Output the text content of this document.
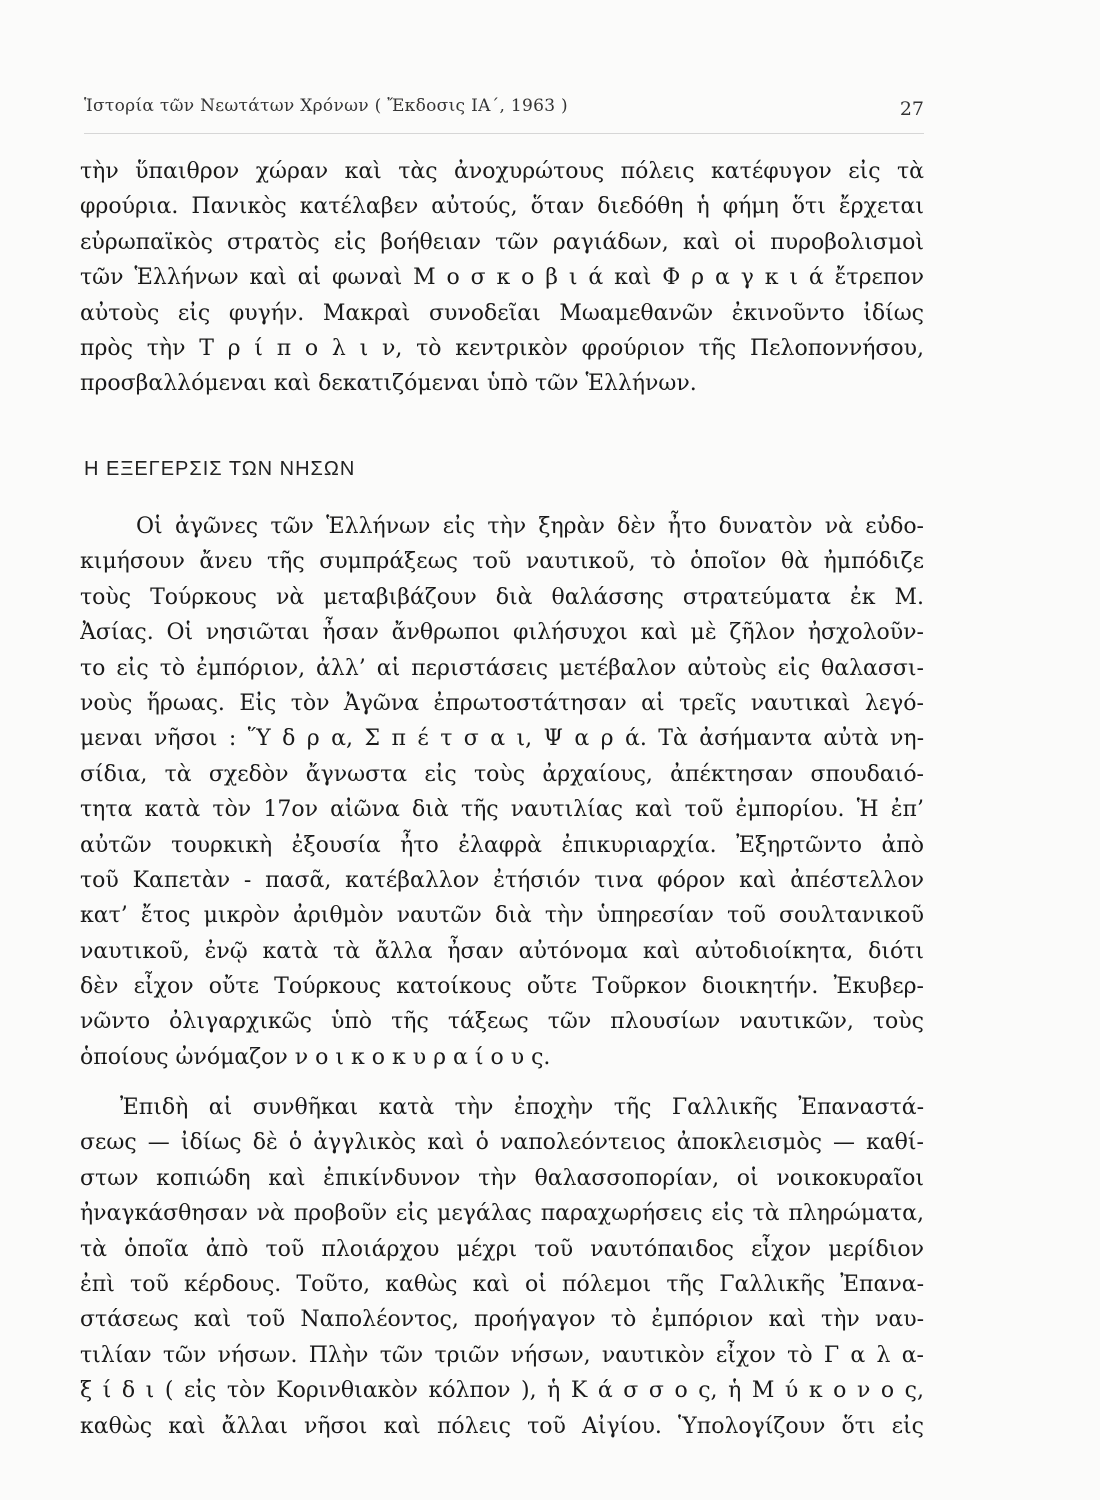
Ἱστορία τῶν Νεωτάτων Χρόνων ( Ἔκδοσις ΙΑ΄, 1963 )	27
τὴν ὕπαιθρον χώραν καὶ τὰς ἀνοχυρώτους πόλεις κατέφυγον εἰς τὰ
φρούρια. Πανικὸς κατέλαβεν αὐτούς, ὅταν διεδόθη ἡ φήμη ὅτι ἔρχεται
εὐρωπαϊκὸς στρατὸς εἰς βοήθειαν τῶν ραγιάδων, καὶ οἱ πυροβολισμοὶ
τῶν Ἑλλήνων καὶ αἱ φωναὶ Μ ο σ κ ο β ι ά καὶ Φ ρ α γ κ ι ά ἔτρεπον
αὐτοὺς εἰς φυγήν. Μακραὶ συνοδεῖαι Μωαμεθανῶν ἐκινοῦντο ἰδίως
πρὸς τὴν Τ ρ ί π ο λ ι ν, τὸ κεντρικὸν φρούριον τῆς Πελοποννήσου,
προσβαλλόμεναι καὶ δεκατιζόμεναι ὑπὸ τῶν Ἑλλήνων.
Η ΕΞΕΓΕΡΣΙΣ ΤΩΝ ΝΗΣΩΝ
Οἱ ἀγῶνες τῶν Ἑλλήνων εἰς τὴν ξηρὰν δὲν ἦτο δυνατὸν νὰ εὐδο-
κιμήσουν ἄνευ τῆς συμπράξεως τοῦ ναυτικοῦ, τὸ ὁποῖον θὰ ἠμπόδιζε
τοὺς Τούρκους νὰ μεταβιβάζουν διὰ θαλάσσης στρατεύματα ἐκ Μ.
Ἀσίας. Οἱ νησιῶται ἦσαν ἄνθρωποι φιλήσυχοι καὶ μὲ ζῆλον ἠσχολοῦν-
το εἰς τὸ ἐμπόριον, ἀλλ’ αἱ περιστάσεις μετέβαλον αὐτοὺς εἰς θαλασσι-
νοὺς ἥρωας. Εἰς τὸν Ἀγῶνα ἐπρωτοστάτησαν αἱ τρεῖς ναυτικαὶ λεγό-
μεναι νῆσοι : Ὕ δ ρ α, Σ π έ τ σ α ι, Ψ α ρ ά. Τὰ ἀσήμαντα αὐτὰ νη-
σίδια, τὰ σχεδὸν ἄγνωστα εἰς τοὺς ἀρχαίους, ἀπέκτησαν σπουδαιό-
τητα κατὰ τὸν 17ον αἰῶνα διὰ τῆς ναυτιλίας καὶ τοῦ ἐμπορίου. Ἡ ἐπ’
αὐτῶν τουρκικὴ ἐξουσία ἦτο ἐλαφρὰ ἐπικυριαρχία. Ἐξηρτῶντο ἀπὸ
τοῦ Καπετὰν - πασᾶ, κατέβαλλον ἐτήσιόν τινα φόρον καὶ ἀπέστελλον
κατ’ ἔτος μικρὸν ἀριθμὸν ναυτῶν διὰ τὴν ὑπηρεσίαν τοῦ σουλτανικοῦ
ναυτικοῦ, ἐνῷ κατὰ τὰ ἄλλα ἦσαν αὐτόνομα καὶ αὐτοδιοίκητα, διότι
δὲν εἶχον οὔτε Τούρκους κατοίκους οὔτε Τοῦρκον διοικητήν. Ἐκυβερ-
νῶντο ὀλιγαρχικῶς ὑπὸ τῆς τάξεως τῶν πλουσίων ναυτικῶν, τοὺς
ὁποίους ὠνόμαζον ν ο ι κ ο κ υ ρ α ί ο υ ς.
Ἐπιδὴ αἱ συνθῆκαι κατὰ τὴν ἐποχὴν τῆς Γαλλικῆς Ἐπαναστά-
σεως — ἰδίως δὲ ὁ ἀγγλικὸς καὶ ὁ ναπολεόντειος ἀποκλεισμὸς — καθί-
στων κοπιώδη καὶ ἐπικίνδυνον τὴν θαλασσοπορίαν, οἱ νοικοκυραῖοι
ἠναγκάσθησαν νὰ προβοῦν εἰς μεγάλας παραχωρήσεις εἰς τὰ πληρώματα,
τὰ ὁποῖα ἀπὸ τοῦ πλοιάρχου μέχρι τοῦ ναυτόπαιδος εἶχον μερίδιον
ἐπὶ τοῦ κέρδους. Τοῦτο, καθὼς καὶ οἱ πόλεμοι τῆς Γαλλικῆς Ἐπανα-
στάσεως καὶ τοῦ Ναπολέοντος, προήγαγον τὸ ἐμπόριον καὶ τὴν ναυ-
τιλίαν τῶν νήσων. Πλὴν τῶν τριῶν νήσων, ναυτικὸν εἶχον τὸ Γ α λ α-
ξ ί δ ι ( εἰς τὸν Κορινθιακὸν κόλπον ), ἡ Κ ά σ σ ο ς, ἡ Μ ύ κ ο ν ο ς,
καθὼς καὶ ἄλλαι νῆσοι καὶ πόλεις τοῦ Αἰγίου. Ὑπολογίζουν ὅτι εἰς
